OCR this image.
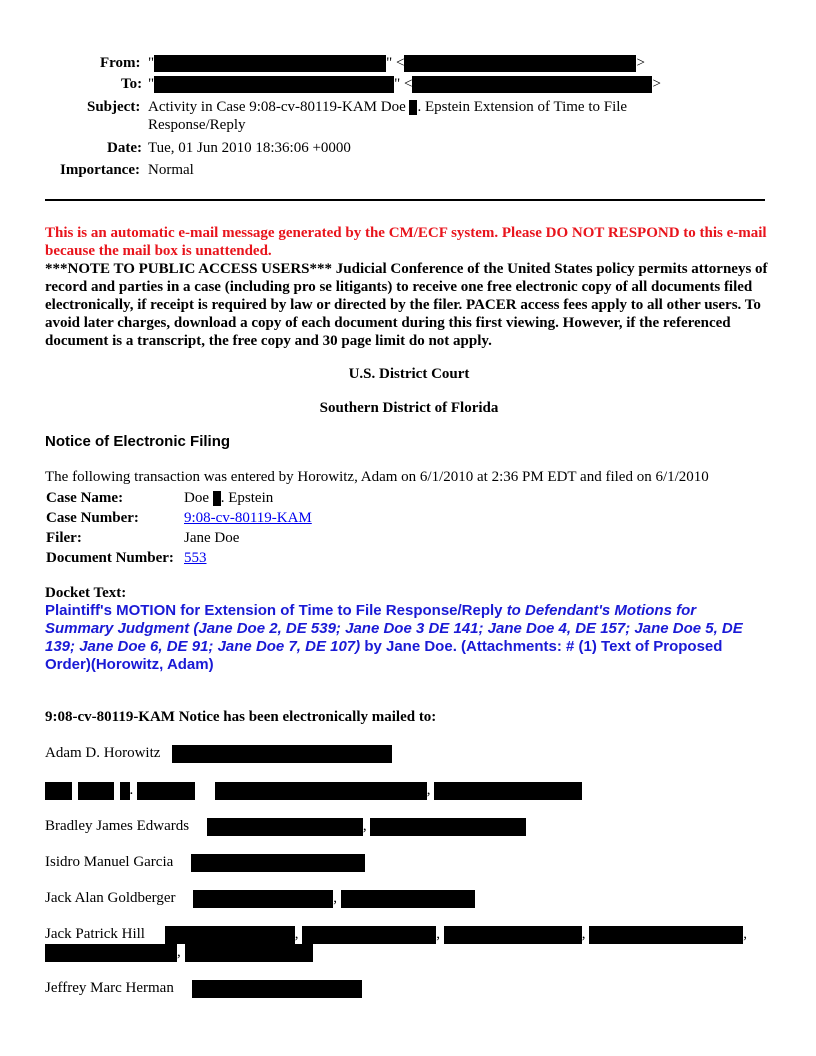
From: "	" <	>
To: "	" <	>
Subject: Activity in Case 9:08-cv-80119-KAM Doe . Epstein Extension of Time to File Response/Reply
Date: Tue, 01 Jun 2010 18:36:06 +0000
Importance: Normal
This is an automatic e-mail message generated by the CM/ECF system. Please DO NOT RESPOND to this e-mail because the mail box is unattended.
***NOTE TO PUBLIC ACCESS USERS*** Judicial Conference of the United States policy permits attorneys of record and parties in a case (including pro se litigants) to receive one free electronic copy of all documents filed electronically, if receipt is required by law or directed by the filer. PACER access fees apply to all other users. To avoid later charges, download a copy of each document during this first viewing. However, if the referenced document is a transcript, the free copy and 30 page limit do not apply.
U.S. District Court
Southern District of Florida
Notice of Electronic Filing
The following transaction was entered by Horowitz, Adam on 6/1/2010 at 2:36 PM EDT and filed on 6/1/2010
Case Name:	Doe . Epstein
Case Number:	9:08-cv-80119-KAM
Filer:	Jane Doe
Document Number: 553
Docket Text:
Plaintiff's MOTION for Extension of Time to File Response/Reply to Defendant's Motions for Summary Judgment (Jane Doe 2, DE 539; Jane Doe 3 DE 141; Jane Doe 4, DE 157; Jane Doe 5, DE 139; Jane Doe 6, DE 91; Jane Doe 7, DE 107) by Jane Doe. (Attachments: # (1) Text of Proposed Order)(Horowitz, Adam)
9:08-cv-80119-KAM Notice has been electronically mailed to:
Adam D. Horowitz
.	,
Bradley James Edwards	,
Isidro Manuel Garcia
Jack Alan Goldberger	,
Jack Patrick Hill	,	,	,	,
,
Jeffrey Marc Herman
